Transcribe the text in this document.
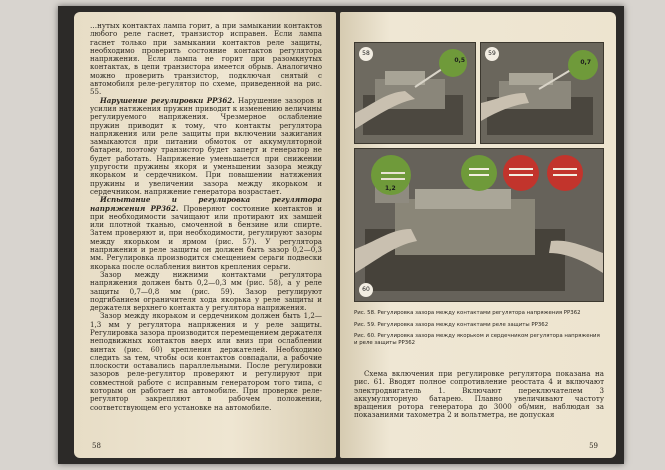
…нутых контактах лампа горит, а при замыкании контактов любого реле гаснет, транзистор исправен. Если лампа гаснет только при замыкании контактов реле защиты, необходимо проверить состояние контактов регулятора напряжения. Если лампа не горит при разомкнутых контактах, в цепи транзистора имеется обрыв. Аналогично можно проверить транзистор, подключая снятый с автомобиля реле-регулятор по схеме, приведенной на рис. 55.

Нарушение регулировки РР362. Нарушение зазоров и усилия натяжения пружин приводит к изменению величины регулируемого напряжения. Чрезмерное ослабление пружин приводит к тому, что контакты регулятора напряжения или реле защиты при включении зажигания замыкаются при питании обмоток от аккумуляторной батареи, поэтому транзистор будет заперт и генератор не будет работать. Напряжение уменьшается при снижении упругости пружины якоря и уменьшении зазора между якорьком и сердечником. При повышении натяжения пружины и увеличении зазора между якорьком и сердечником. напряжение генератора возрастает.

Испытание и регулировка регулятора напряжения РР362. Проверяют состояние контактов и при необходимости зачищают или протирают их замшей или плотной тканью, смоченной в бензине или спирте. Затем проверяют и, при необходимости, регулируют зазоры между якорьком и ярмом (рис. 57). У регулятора напряжения и реле защиты он должен быть зазор 0,2—0,3 мм. Регулировка производится смещением серьги подвески якорька после ослабления винтов крепления серьги.

Зазор между нижними контактами регулятора напряжения должен быть 0,2—0,3 мм (рис. 58), а у реле защиты 0,7—0,8 мм (рис. 59). Зазор регулируют подгибанием ограничителя хода якорька у реле защиты и держателя верхнего контакта у регулятора напряжения.

Зазор между якорьком и сердечником должен быть 1,2—1,3 мм у регулятора напряжения и у реле защиты. Регулировка зазора производится перемещением держателя неподвижных контактов вверх или вниз при ослаблении винтах (рис. 60) крепления держателей. Необходимо следить за тем, чтобы оси контактов совпадали, а рабочие плоскости оставались параллельными. После регулировки зазоров реле-регулятор проверяют и регулируют при совместной работе с исправным генератором того типа, с которым он работает на автомобиле. При проверке реле-регулятор закрепляют в рабочем положении, соответствующем его установке на автомобиле.

58
58
0,5
59
0,7
60
1,2

Рис. 58. Регулировка зазора между контактами регулятора напряжения РР362

Рис. 59. Регулировка зазора между контактами реле защиты РР362

Рис. 60. Регулировка зазора между якорьком и сердечником регулятора напряжения и реле защиты РР362

Схема включения при регулировке регулятора показана на рис. 61. Вводят полное сопротивление реостата 4 и включают электродвигатель 1. Включают переключателем 3 аккумуляторную батарею. Плавно увеличивают частоту вращения ротора генератора до 3000 об/мин, наблюдая за показаниями тахометра 2 и вольтметра, не допуская

59
